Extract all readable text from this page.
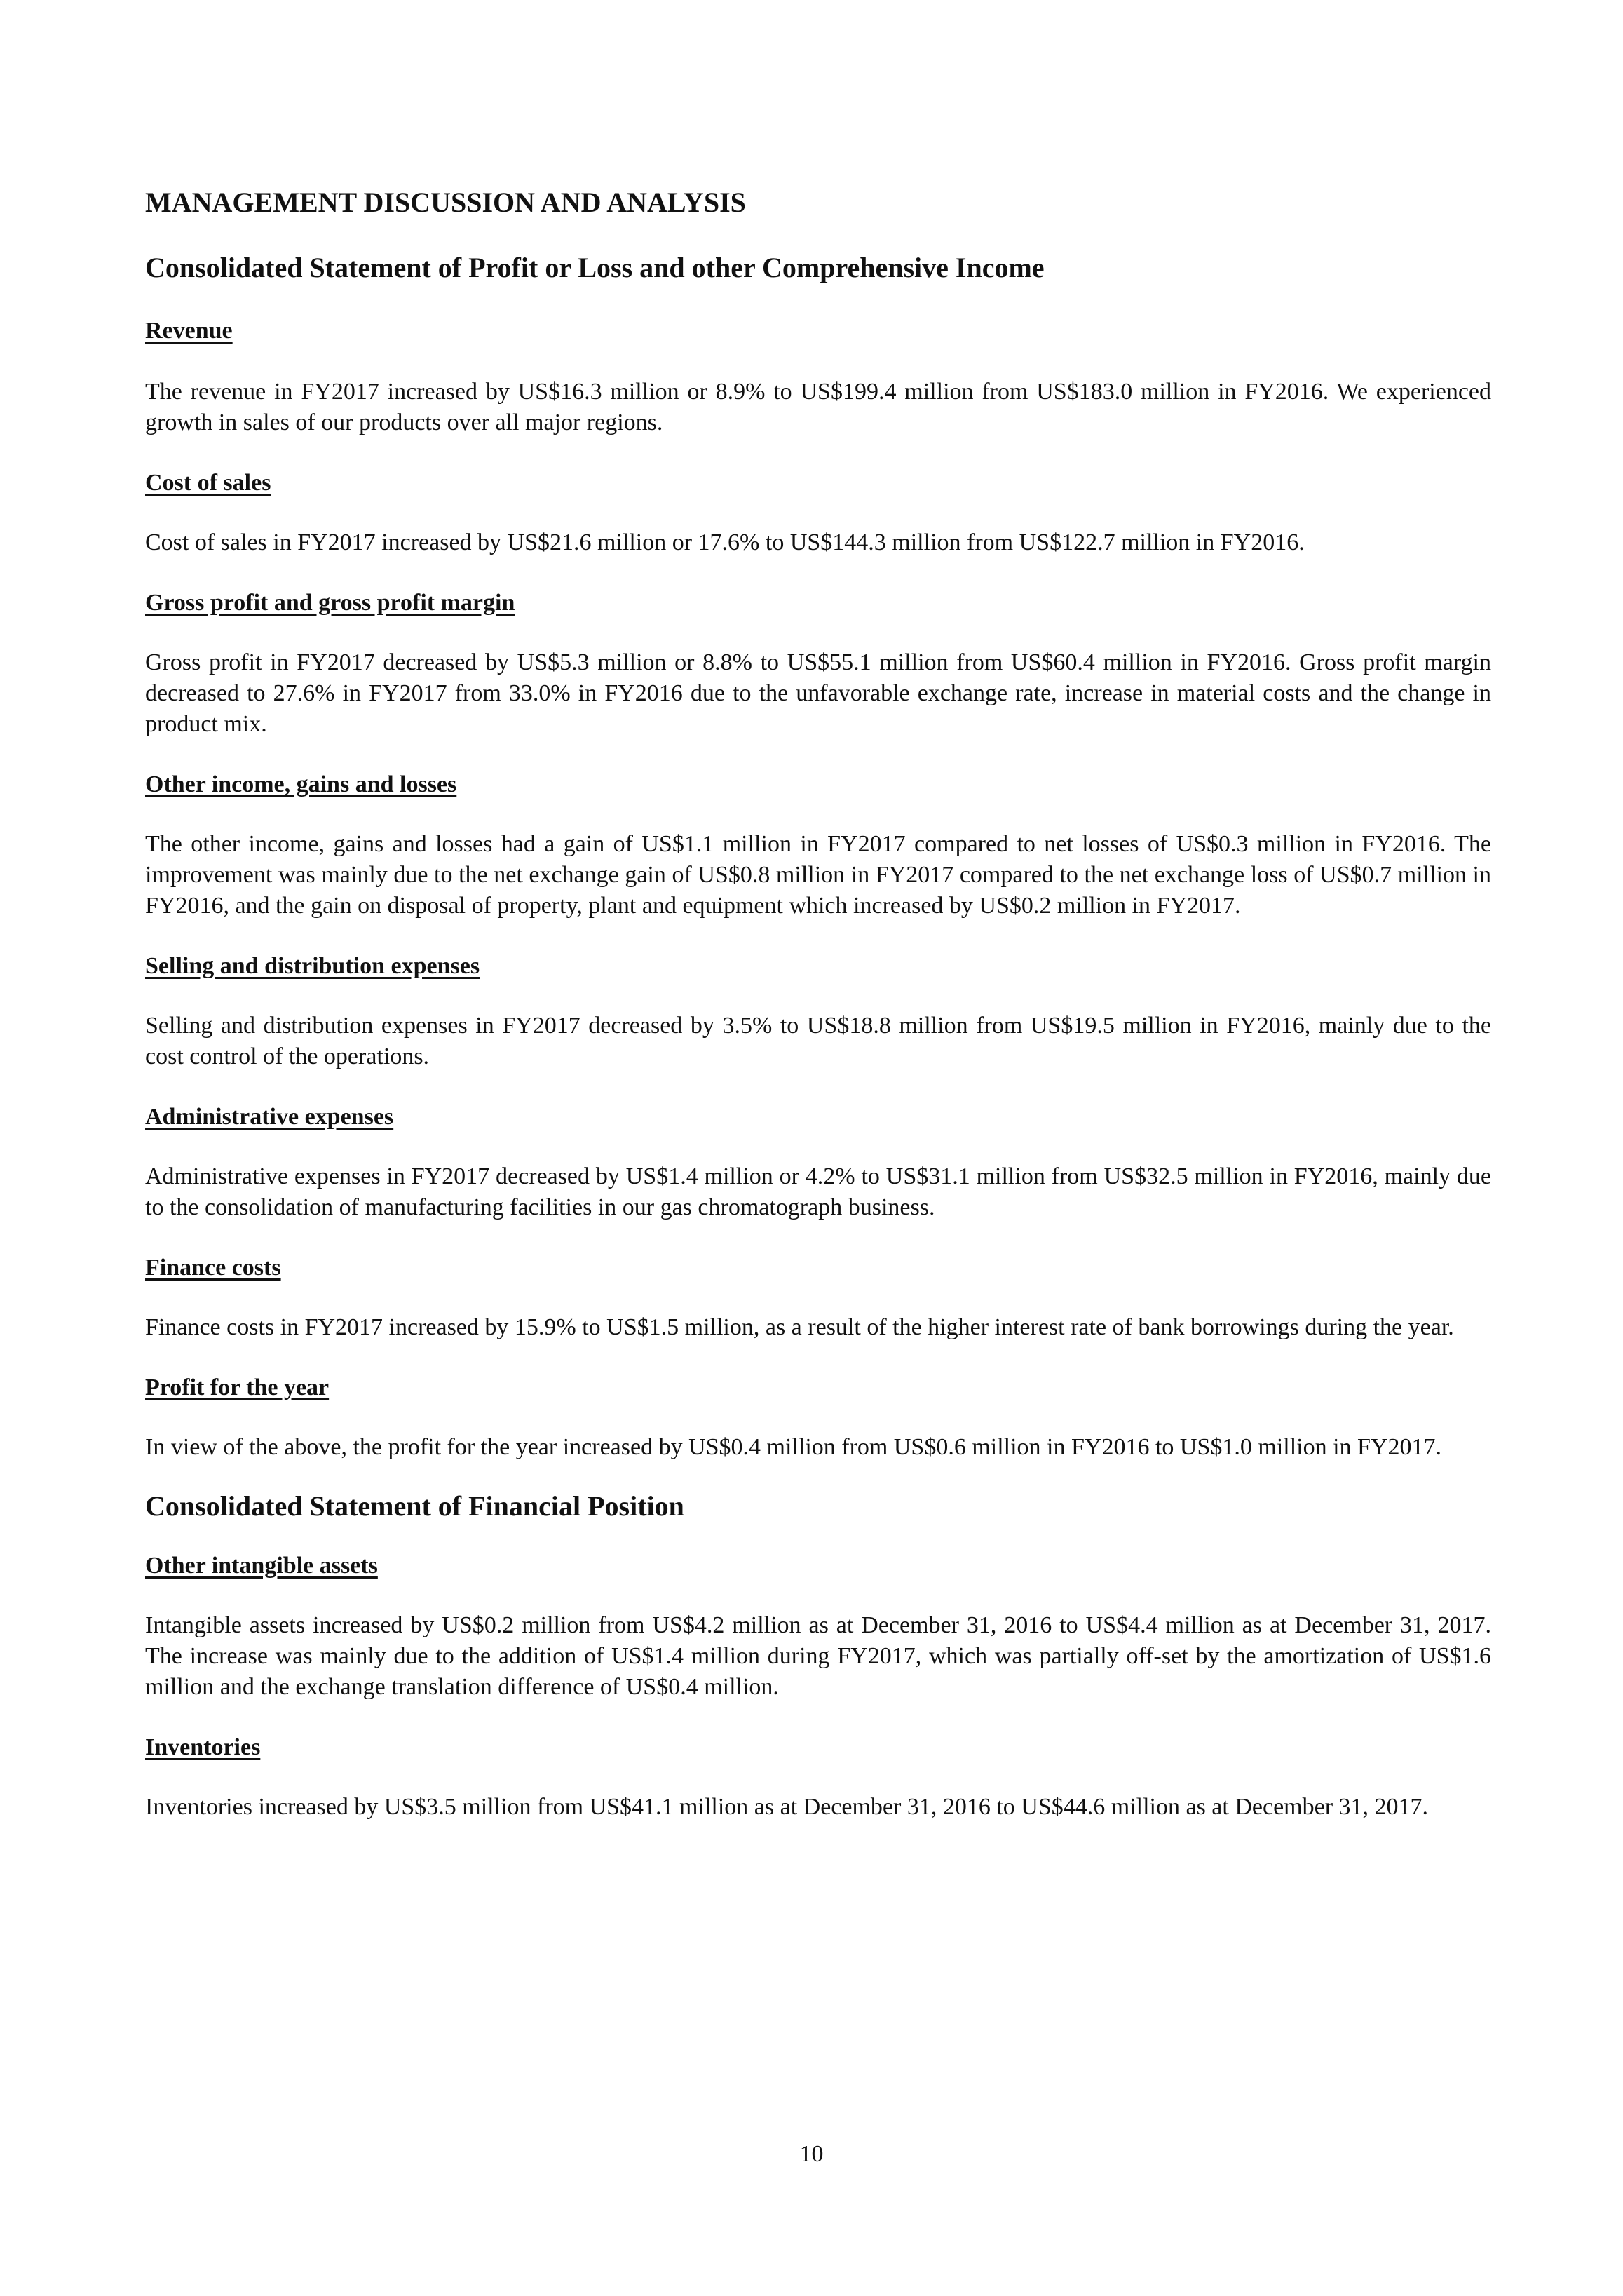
MANAGEMENT DISCUSSION AND ANALYSIS
Consolidated Statement of Profit or Loss and other Comprehensive Income
Revenue

The revenue in FY2017 increased by US$16.3 million or 8.9% to US$199.4 million from US$183.0 million in FY2016. We experienced growth in sales of our products over all major regions.

Cost of sales

Cost of sales in FY2017 increased by US$21.6 million or 17.6% to US$144.3 million from US$122.7 million in FY2016.

Gross profit and gross profit margin

Gross profit in FY2017 decreased by US$5.3 million or 8.8% to US$55.1 million from US$60.4 million in FY2016. Gross profit margin decreased to 27.6% in FY2017 from 33.0% in FY2016 due to the unfavorable exchange rate, increase in material costs and the change in product mix.

Other income, gains and losses

The other income, gains and losses had a gain of US$1.1 million in FY2017 compared to net losses of US$0.3 million in FY2016. The improvement was mainly due to the net exchange gain of US$0.8 million in FY2017 compared to the net exchange loss of US$0.7 million in FY2016, and the gain on disposal of property, plant and equipment which increased by US$0.2 million in FY2017.

Selling and distribution expenses

Selling and distribution expenses in FY2017 decreased by 3.5% to US$18.8 million from US$19.5 million in FY2016, mainly due to the cost control of the operations.

Administrative expenses

Administrative expenses in FY2017 decreased by US$1.4 million or 4.2% to US$31.1 million from US$32.5 million in FY2016, mainly due to the consolidation of manufacturing facilities in our gas chromatograph business.

Finance costs

Finance costs in FY2017 increased by 15.9% to US$1.5 million, as a result of the higher interest rate of bank borrowings during the year.

Profit for the year

In view of the above, the profit for the year increased by US$0.4 million from US$0.6 million in FY2016 to US$1.0 million in FY2017.

Consolidated Statement of Financial Position
Other intangible assets

Intangible assets increased by US$0.2 million from US$4.2 million as at December 31, 2016 to US$4.4 million as at December 31, 2017. The increase was mainly due to the addition of US$1.4 million during FY2017, which was partially off-set by the amortization of US$1.6 million and the exchange translation difference of US$0.4 million.

Inventories

Inventories increased by US$3.5 million from US$41.1 million as at December 31, 2016 to US$44.6 million as at December 31, 2017.

10
